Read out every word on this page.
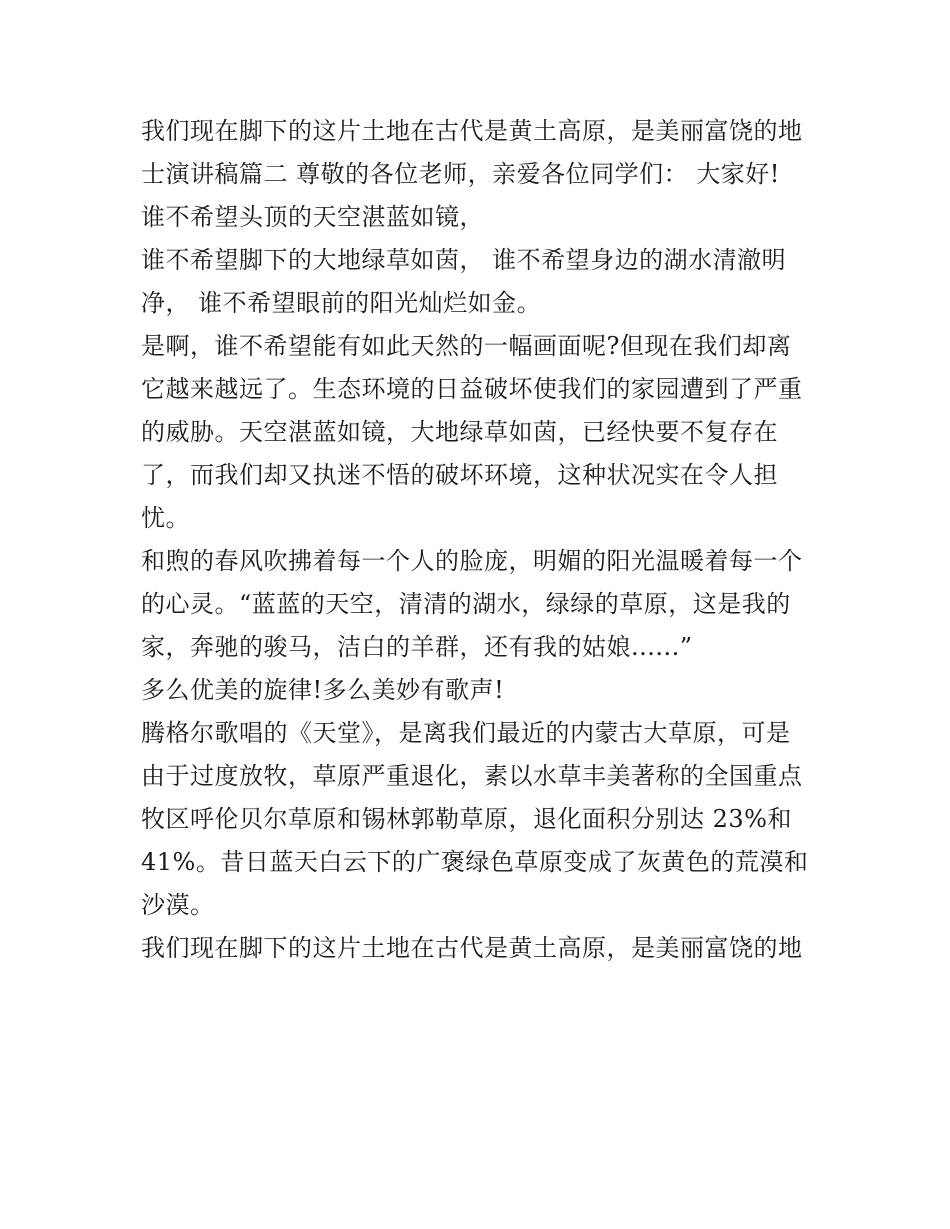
我们现在脚下的这片土地在古代是黄土高原，是美丽富饶的地
士演讲稿篇二 尊敬的各位老师，亲爱各位同学们： 大家好!
谁不希望头顶的天空湛蓝如镜，
谁不希望脚下的大地绿草如茵， 谁不希望身边的湖水清澈明
净， 谁不希望眼前的阳光灿烂如金。
是啊，谁不希望能有如此天然的一幅画面呢?但现在我们却离
它越来越远了。生态环境的日益破坏使我们的家园遭到了严重
的威胁。天空湛蓝如镜，大地绿草如茵，已经快要不复存在
了，而我们却又执迷不悟的破坏环境，这种状况实在令人担
忧。
和煦的春风吹拂着每一个人的脸庞，明媚的阳光温暖着每一个
的心灵。“蓝蓝的天空，清清的湖水，绿绿的草原，这是我的
家，奔驰的骏马，洁白的羊群，还有我的姑娘......”
多么优美的旋律!多么美妙有歌声!
腾格尔歌唱的《天堂》，是离我们最近的内蒙古大草原，可是
由于过度放牧，草原严重退化，素以水草丰美著称的全国重点
牧区呼伦贝尔草原和锡林郭勒草原，退化面积分别达 23%和
41%。昔日蓝天白云下的广褒绿色草原变成了灰黄色的荒漠和
沙漠。
我们现在脚下的这片土地在古代是黄土高原，是美丽富饶的地
